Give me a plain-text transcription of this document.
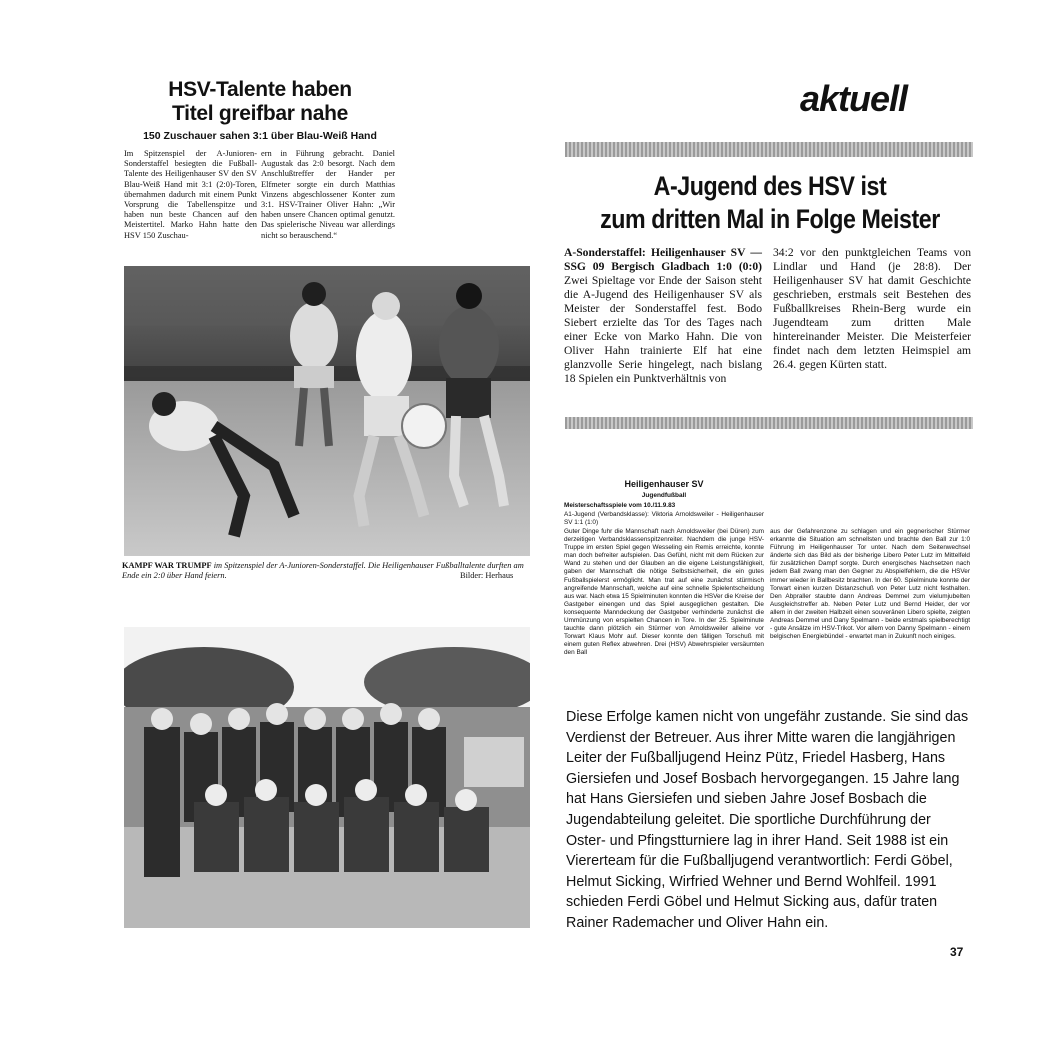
HSV-Talente haben
Titel greifbar nahe
150 Zuschauer sahen 3:1 über Blau-Weiß Hand
Im Spitzenspiel der A-Junioren-Sonderstaffel besiegten die Fußball-Talente des Heiligenhauser SV den SV Blau-Weiß Hand mit 3:1 (2:0)-Toren, übernahmen dadurch mit einem Punkt Vorsprung die Tabellenspitze und haben nun beste Chancen auf den Meistertitel. Marko Hahn hatte den HSV 150 Zuschau-
ern in Führung gebracht. Daniel Augustak das 2:0 besorgt. Nach dem Anschlußtreffer der Hander per Elfmeter sorgte ein durch Matthias Vinzens abgeschlossener Konter zum 3:1. HSV-Trainer Oliver Hahn: „Wir haben unsere Chancen optimal genutzt. Das spielerische Niveau war allerdings nicht so berauschend.“
KAMPF WAR TRUMPF im Spitzenspiel der A-Junioren-Sonderstaffel. Die Heiligenhauser Fußballtalente durften am Ende ein 2:0 über Hand feiern.	Bilder: Herhaus
aktuell
A-Jugend des HSV ist
zum dritten Mal in Folge Meister
A-Sonderstaffel: Heiligenhauser SV — SSG 09 Bergisch Gladbach 1:0 (0:0) Zwei Spieltage vor Ende der Saison steht die A-Jugend des Heiligenhauser SV als Meister der Sonderstaffel fest. Bodo Siebert erzielte das Tor des Tages nach einer Ecke von Marko Hahn. Die von Oliver Hahn trainierte Elf hat eine glanzvolle Serie hingelegt, nach bislang 18 Spielen ein Punktverhältnis von
34:2 vor den punktgleichen Teams von Lindlar und Hand (je 28:8). Der Heiligenhauser SV hat damit Geschichte geschrieben, erstmals seit Bestehen des Fußballkreises Rhein-Berg wurde ein Jugendteam zum dritten Male hintereinander Meister. Die Meisterfeier findet nach dem letzten Heimspiel am 26.4. gegen Kürten statt.
Heiligenhauser SV
Jugendfußball
Meisterschaftsspiele vom 10./11.9.83
A1-Jugend (Verbandsklasse): Viktoria Arnoldsweiler - Heiligenhauser SV 1:1 (1:0)
Guter Dinge fuhr die Mannschaft nach Arnoldsweiler (bei Düren) zum derzeitigen Verbandsklassenspitzenreiter. Nachdem die junge HSV-Truppe im ersten Spiel gegen Wesseling ein Remis erreichte, konnte man doch befreiter aufspielen. Das Gefühl, nicht mit dem Rücken zur Wand zu stehen und der Glauben an die eigene Leistungsfähigkeit, gaben der Mannschaft die nötige Selbstsicherheit, die ein gutes Fußballspielerst ermöglicht. Man trat auf eine zunächst stürmisch angreifende Mannschaft, welche auf eine schnelle Spielentscheidung aus war. Nach etwa 15 Spielminuten konnten die HSVer die Kreise der Gastgeber einengen und das Spiel ausgeglichen gestalten. Die konsequente Manndeckung der Gastgeber verhinderte zunächst die Ummünzung von erspielten Chancen in Tore. In der 25. Spielminute tauchte dann plötzlich ein Stürmer von Arnoldsweiler alleine vor Torwart Klaus Mohr auf. Dieser konnte den fälligen Torschuß mit einem guten Reflex abwehren. Drei (HSV) Abwehrspieler versäumten den Ball
aus der Gefahrenzone zu schlagen und ein gegnerischer Stürmer erkannte die Situation am schnellsten und brachte den Ball zur 1:0 Führung im Heiligenhauser Tor unter. Nach dem Seitenwechsel änderte sich das Bild als der bisherige Libero Peter Lutz im Mittelfeld für zusätzlichen Dampf sorgte. Durch energisches Nachsetzen nach jedem Ball zwang man den Gegner zu Abspielfehlern, die die HSVer immer wieder in Ballbesitz brachten. In der 60. Spielminute konnte der Torwart einen kurzen Distanzschuß von Peter Lutz nicht festhalten. Den Abpraller staubte dann Andreas Demmel zum vielumjubelten Ausgleichstreffer ab. Neben Peter Lutz und Bernd Heider, der vor allem in der zweiten Halbzeit einen souveränen Libero spielte, zeigten Andreas Demmel und Dany Spelmann - beide erstmals spielberechtigt - gute Ansätze im HSV-Trikot. Vor allem von Danny Spelmann - einem belgischen Energiebündel - erwartet man in Zukunft noch einiges.
Diese Erfolge kamen nicht von ungefähr zustande. Sie sind das Verdienst der Betreuer. Aus ihrer Mitte waren die langjährigen Leiter der Fußballjugend Heinz Pütz, Friedel Hasberg, Hans Giersiefen und Josef Bosbach hervorgegangen. 15 Jahre lang hat Hans Giersiefen und sieben Jahre Josef Bosbach die Jugendabteilung geleitet. Die sportliche Durchführung der Oster- und Pfingstturniere lag in ihrer Hand. Seit 1988 ist ein Viererteam für die Fußballjugend verantwortlich: Ferdi Göbel, Helmut Sicking, Wirfried Wehner und Bernd Wohlfeil. 1991 schieden Ferdi Göbel und Helmut Sicking aus, dafür traten Rainer Rademacher und Oliver Hahn ein.
37
